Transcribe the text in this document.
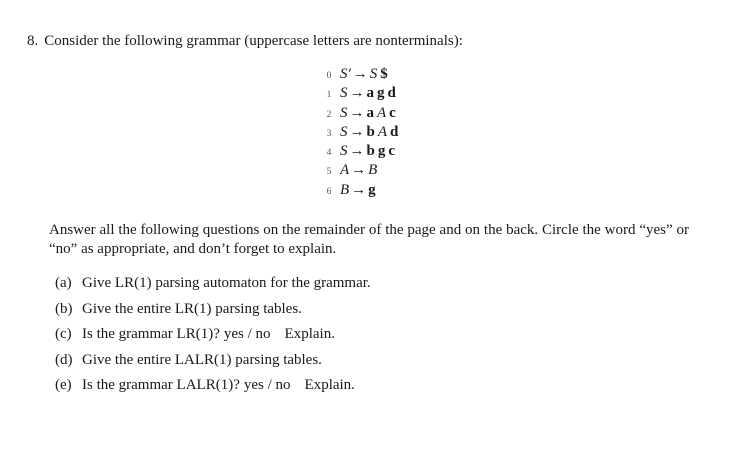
8. Consider the following grammar (uppercase letters are nonterminals):
0 S′ → S $
1 S → a g d
2 S → a A c
3 S → b A d
4 S → b g c
5 A → B
6 B → g
Answer all the following questions on the remainder of the page and on the back. Circle the word “yes” or “no” as appropriate, and don’t forget to explain.
(a) Give LR(1) parsing automaton for the grammar.
(b) Give the entire LR(1) parsing tables.
(c) Is the grammar LR(1)? yes / no Explain.
(d) Give the entire LALR(1) parsing tables.
(e) Is the grammar LALR(1)? yes / no Explain.
